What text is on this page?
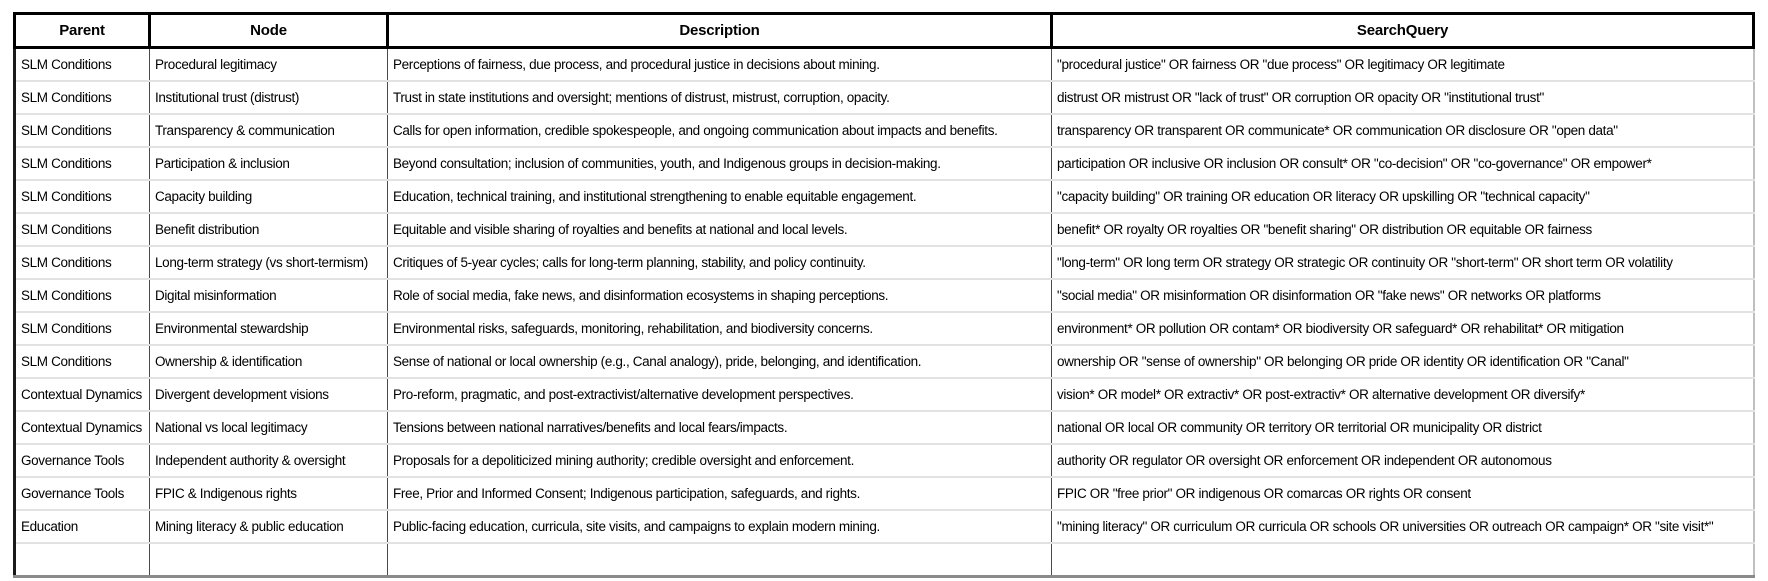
Parent	Node	Description	SearchQuery
SLM Conditions	Procedural legitimacy	Perceptions of fairness, due process, and procedural justice in decisions about mining.	"procedural justice" OR fairness OR "due process" OR legitimacy OR legitimate
SLM Conditions	Institutional trust (distrust)	Trust in state institutions and oversight; mentions of distrust, mistrust, corruption, opacity.	distrust OR mistrust OR "lack of trust" OR corruption OR opacity OR "institutional trust"
SLM Conditions	Transparency & communication	Calls for open information, credible spokespeople, and ongoing communication about impacts and benefits.	transparency OR transparent OR communicate* OR communication OR disclosure OR "open data"
SLM Conditions	Participation & inclusion	Beyond consultation; inclusion of communities, youth, and Indigenous groups in decision-making.	participation OR inclusive OR inclusion OR consult* OR "co-decision" OR "co-governance" OR empower*
SLM Conditions	Capacity building	Education, technical training, and institutional strengthening to enable equitable engagement.	"capacity building" OR training OR education OR literacy OR upskilling OR "technical capacity"
SLM Conditions	Benefit distribution	Equitable and visible sharing of royalties and benefits at national and local levels.	benefit* OR royalty OR royalties OR "benefit sharing" OR distribution OR equitable OR fairness
SLM Conditions	Long-term strategy (vs short-termism)	Critiques of 5-year cycles; calls for long-term planning, stability, and policy continuity.	"long-term" OR long term OR strategy OR strategic OR continuity OR "short-term" OR short term OR volatility
SLM Conditions	Digital misinformation	Role of social media, fake news, and disinformation ecosystems in shaping perceptions.	"social media" OR misinformation OR disinformation OR "fake news" OR networks OR platforms
SLM Conditions	Environmental stewardship	Environmental risks, safeguards, monitoring, rehabilitation, and biodiversity concerns.	environment* OR pollution OR contam* OR biodiversity OR safeguard* OR rehabilitat* OR mitigation
SLM Conditions	Ownership & identification	Sense of national or local ownership (e.g., Canal analogy), pride, belonging, and identification.	ownership OR "sense of ownership" OR belonging OR pride OR identity OR identification OR "Canal"
Contextual Dynamics	Divergent development visions	Pro-reform, pragmatic, and post-extractivist/alternative development perspectives.	vision* OR model* OR extractiv* OR post-extractiv* OR alternative development OR diversify*
Contextual Dynamics	National vs local legitimacy	Tensions between national narratives/benefits and local fears/impacts.	national OR local OR community OR territory OR territorial OR municipality OR district
Governance Tools	Independent authority & oversight	Proposals for a depoliticized mining authority; credible oversight and enforcement.	authority OR regulator OR oversight OR enforcement OR independent OR autonomous
Governance Tools	FPIC & Indigenous rights	Free, Prior and Informed Consent; Indigenous participation, safeguards, and rights.	FPIC OR "free prior" OR indigenous OR comarcas OR rights OR consent
Education	Mining literacy & public education	Public-facing education, curricula, site visits, and campaigns to explain modern mining.	"mining literacy" OR curriculum OR curricula OR schools OR universities OR outreach OR campaign* OR "site visit*"
